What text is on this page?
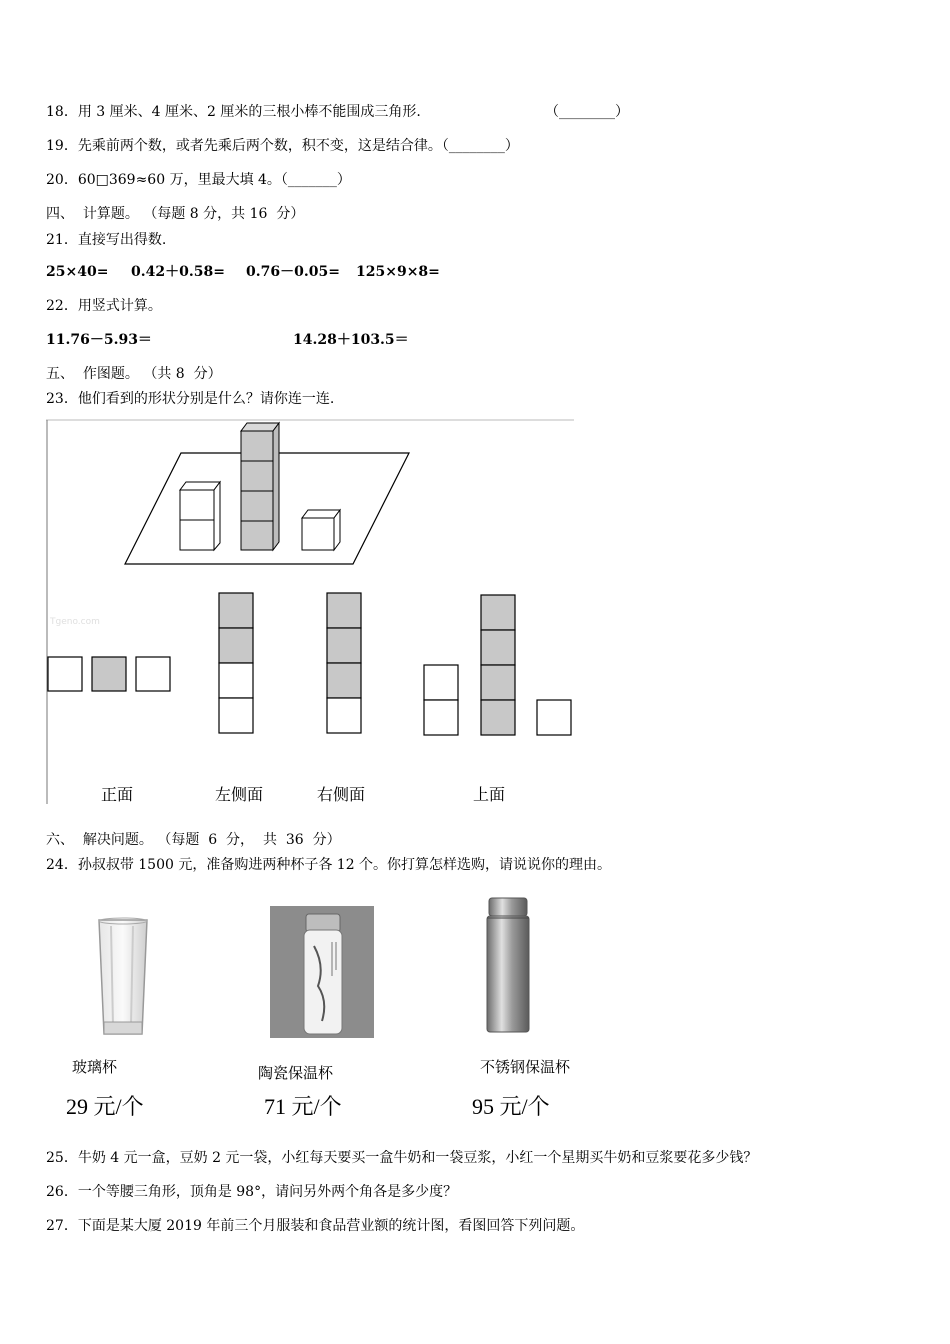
18．用 3 厘米、4 厘米、2 厘米的三根小棒不能围成三角形.	（________）
19．先乘前两个数，或者先乘后两个数，积不变，这是结合律。（________）
20．60□369≈60 万，里最大填 4。（_______）
四、  计算题。 （每题 8 分，共 16  分）
21．直接写出得数.
25×40= 0.42＋0.58= 0.76－0.05= 125×9×8=
22．用竖式计算。
11.76－5.93＝	14.28＋103.5＝
五、  作图题。 （共 8  分）
23．他们看到的形状分别是什么？请你连一连.
Tgeno.com
正面	左侧面	右侧面	上面
六、  解决问题。 （每题  6  分，  共  36  分）
24．孙叔叔带 1500 元，准备购进两种杯子各 12 个。你打算怎样选购，请说说你的理由。
玻璃杯	陶瓷保温杯	不锈钢保温杯
29 元/个	71 元/个	95 元/个
25．牛奶 4 元一盒，豆奶 2 元一袋，小红每天要买一盒牛奶和一袋豆浆，小红一个星期买牛奶和豆浆要花多少钱？
26．一个等腰三角形，顶角是 98°，请问另外两个角各是多少度？
27．下面是某大厦 2019 年前三个月服装和食品营业额的统计图，看图回答下列问题。
